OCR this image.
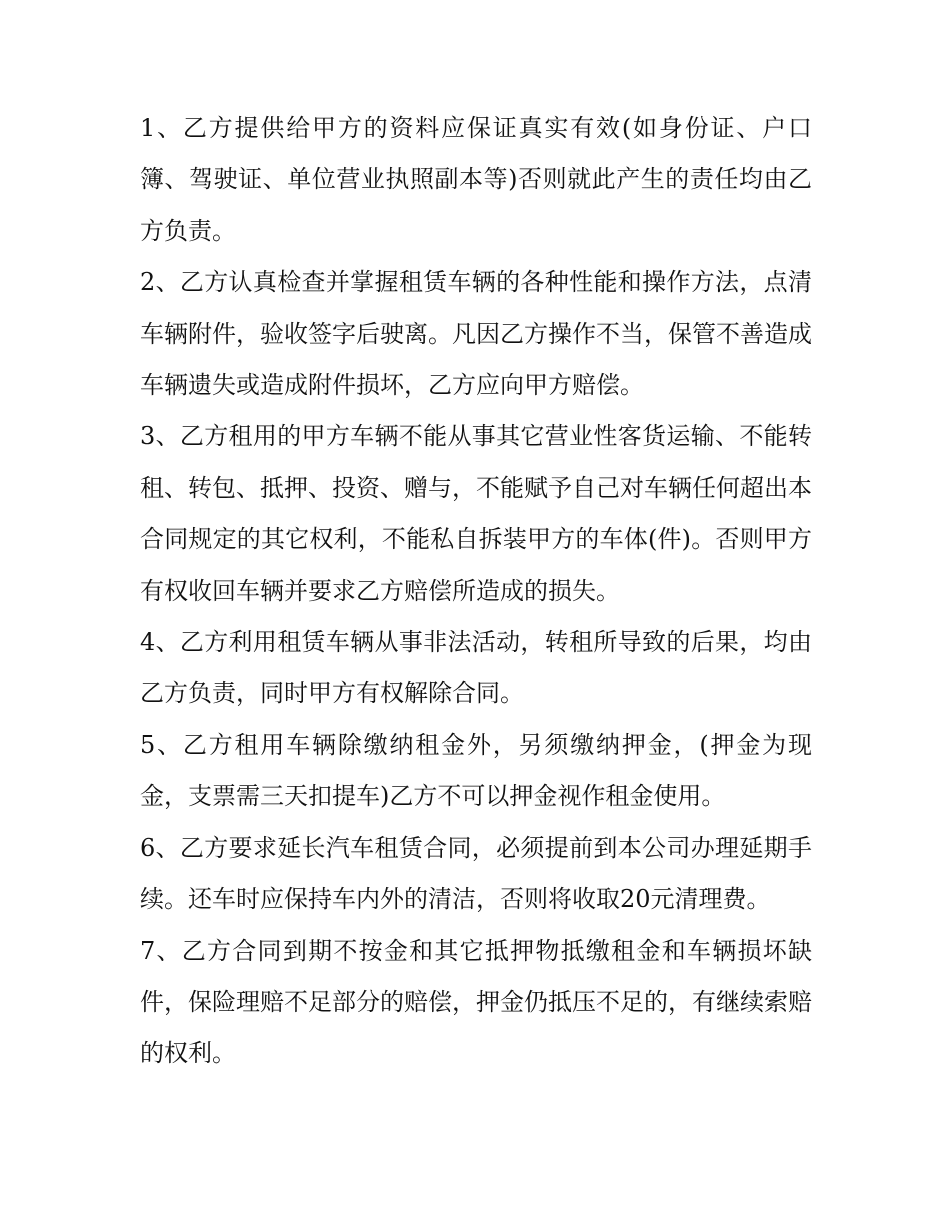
1、乙方提供给甲方的资料应保证真实有效(如身份证、户口簿、驾驶证、单位营业执照副本等)否则就此产生的责任均由乙方负责。

2、乙方认真检查并掌握租赁车辆的各种性能和操作方法，点清车辆附件，验收签字后驶离。凡因乙方操作不当，保管不善造成车辆遗失或造成附件损坏，乙方应向甲方赔偿。

3、乙方租用的甲方车辆不能从事其它营业性客货运输、不能转租、转包、抵押、投资、赠与，不能赋予自己对车辆任何超出本合同规定的其它权利，不能私自拆装甲方的车体(件)。否则甲方有权收回车辆并要求乙方赔偿所造成的损失。

4、乙方利用租赁车辆从事非法活动，转租所导致的后果，均由乙方负责，同时甲方有权解除合同。

5、乙方租用车辆除缴纳租金外，另须缴纳押金，(押金为现金，支票需三天扣提车)乙方不可以押金视作租金使用。

6、乙方要求延长汽车租赁合同，必须提前到本公司办理延期手续。还车时应保持车内外的清洁，否则将收取20元清理费。

7、乙方合同到期不按金和其它抵押物抵缴租金和车辆损坏缺件，保险理赔不足部分的赔偿，押金仍抵压不足的，有继续索赔的权利。
